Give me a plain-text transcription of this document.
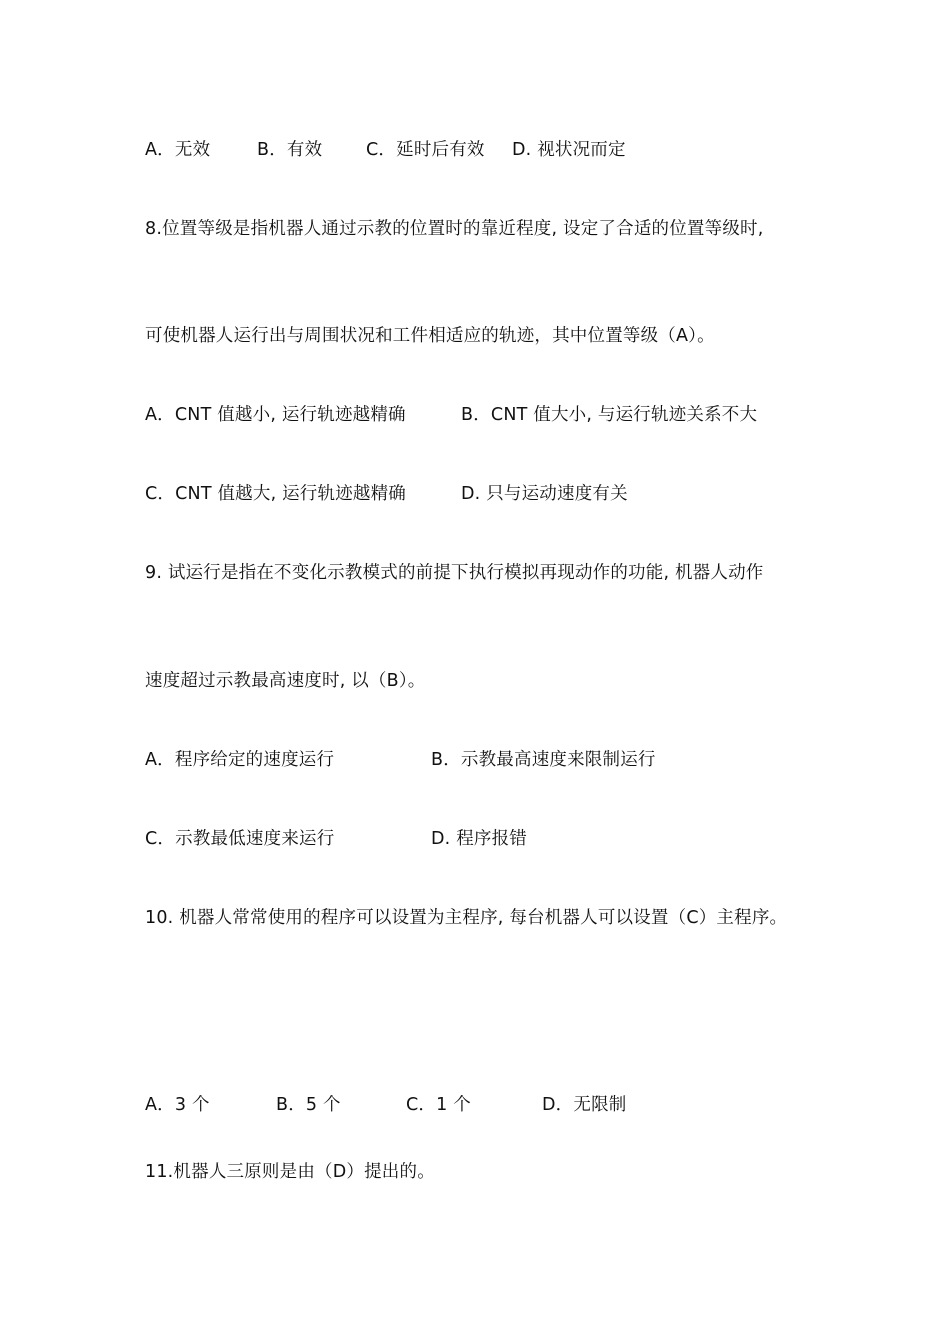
A．无效	B．有效 C．延时后有效 D. 视状况而定
8.位置等级是指机器人通过示教的位置时的靠近程度, 设定了合适的位置等级时,
可使机器人运行出与周围状况和工件相适应的轨迹，其中位置等级（A）。
A．CNT 值越小, 运行轨迹越精确	B．CNT 值大小, 与运行轨迹关系不大
C．CNT 值越大, 运行轨迹越精确	D. 只与运动速度有关
9. 试运行是指在不变化示教模式的前提下执行模拟再现动作的功能, 机器人动作
速度超过示教最高速度时, 以（B）。
A．程序给定的速度运行	B．示教最高速度来限制运行
C．示教最低速度来运行	D. 程序报错
10. 机器人常常使用的程序可以设置为主程序, 每台机器人可以设置（C）主程序。
A．3 个	B．5 个	C．1 个	D．无限制
11.机器人三原则是由（D）提出的。
